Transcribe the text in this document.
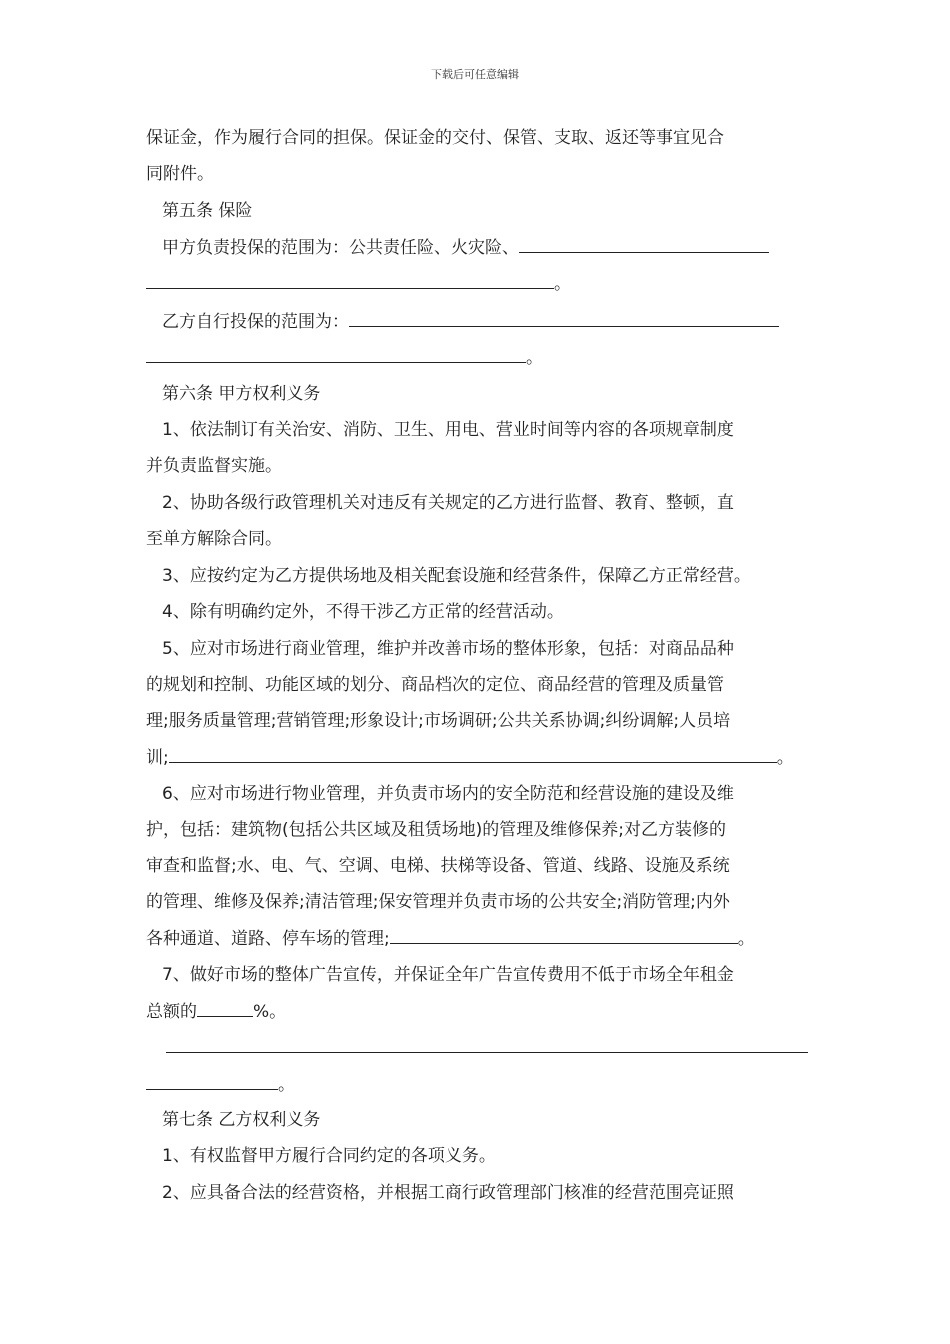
下载后可任意编辑
保证金，作为履行合同的担保。保证金的交付、保管、支取、返还等事宜见合
同附件。
第五条 保险
甲方负责投保的范围为：公共责任险、火灾险、
。
乙方自行投保的范围为：
。
第六条 甲方权利义务
1、依法制订有关治安、消防、卫生、用电、营业时间等内容的各项规章制度
并负责监督实施。
2、协助各级行政管理机关对违反有关规定的乙方进行监督、教育、整顿，直
至单方解除合同。
3、应按约定为乙方提供场地及相关配套设施和经营条件，保障乙方正常经营。
4、除有明确约定外，不得干涉乙方正常的经营活动。
5、应对市场进行商业管理，维护并改善市场的整体形象，包括：对商品品种
的规划和控制、功能区域的划分、商品档次的定位、商品经营的管理及质量管
理;服务质量管理;营销管理;形象设计;市场调研;公共关系协调;纠纷调解;人员培
训;	。
6、应对市场进行物业管理，并负责市场内的安全防范和经营设施的建设及维
护，包括：建筑物(包括公共区域及租赁场地)的管理及维修保养;对乙方装修的
审查和监督;水、电、气、空调、电梯、扶梯等设备、管道、线路、设施及系统
的管理、维修及保养;清洁管理;保安管理并负责市场的公共安全;消防管理;内外
各种通道、道路、停车场的管理;	。
7、做好市场的整体广告宣传，并保证全年广告宣传费用不低于市场全年租金
总额的	%。
。
第七条 乙方权利义务
1、有权监督甲方履行合同约定的各项义务。
2、应具备合法的经营资格，并根据工商行政管理部门核准的经营范围亮证照
